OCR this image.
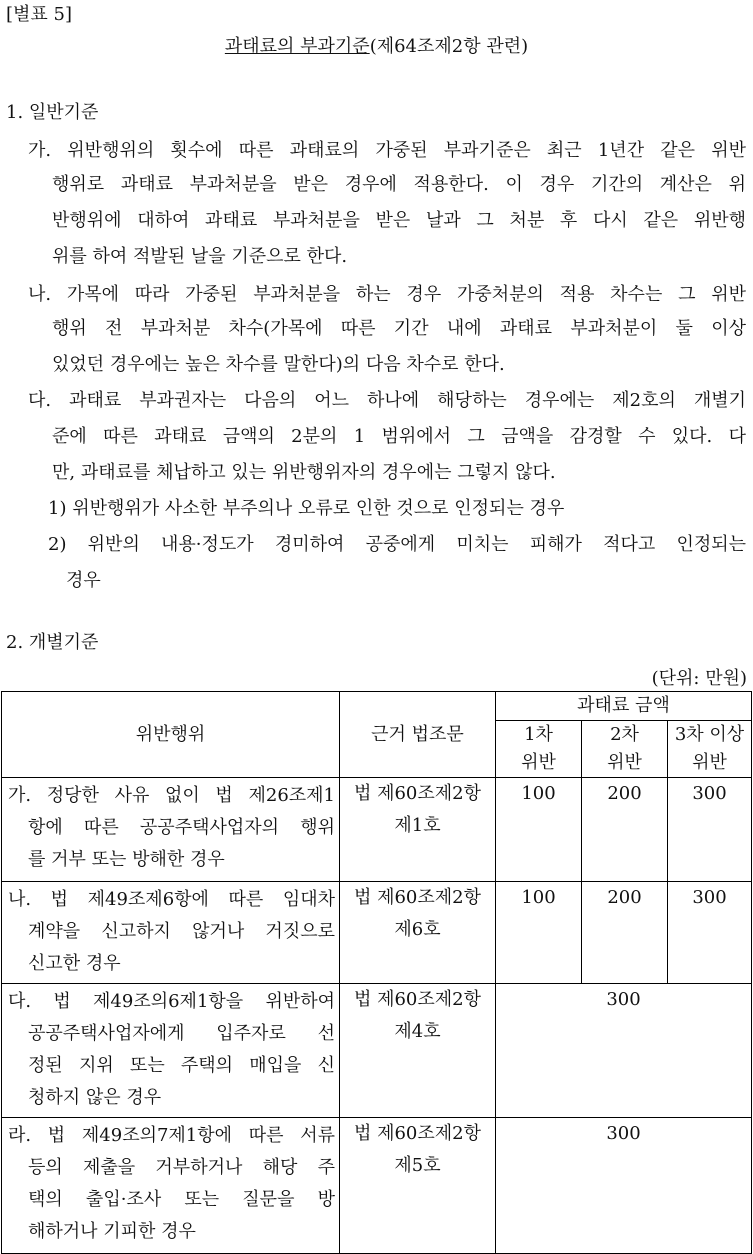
[별표 5]
과태료의 부과기준(제64조제2항 관련)
1. 일반기준
가. 위반행위의 횟수에 따른 과태료의 가중된 부과기준은 최근 1년간 같은 위반
행위로 과태료 부과처분을 받은 경우에 적용한다. 이 경우 기간의 계산은 위
반행위에 대하여 과태료 부과처분을 받은 날과 그 처분 후 다시 같은 위반행
위를 하여 적발된 날을 기준으로 한다.
나. 가목에 따라 가중된 부과처분을 하는 경우 가중처분의 적용 차수는 그 위반
행위 전 부과처분 차수(가목에 따른 기간 내에 과태료 부과처분이 둘 이상
있었던 경우에는 높은 차수를 말한다)의 다음 차수로 한다.
다. 과태료 부과권자는 다음의 어느 하나에 해당하는 경우에는 제2호의 개별기
준에 따른 과태료 금액의 2분의 1 범위에서 그 금액을 감경할 수 있다. 다
만, 과태료를 체납하고 있는 위반행위자의 경우에는 그렇지 않다.
1) 위반행위가 사소한 부주의나 오류로 인한 것으로 인정되는 경우
2) 위반의 내용·정도가 경미하여 공중에게 미치는 피해가 적다고 인정되는
경우
2. 개별기준
(단위: 만원)
위반행위	근거 법조문	과태료 금액		
		1차	2차	3차 이상
		위반	위반	위반

가. 정당한 사유 없이 법 제26조제1
항에 따른 공공주택사업자의 행위
를 거부 또는 방해한 경우	법 제60조제2항
제1호	100	200	300

나. 법 제49조제6항에 따른 임대차
계약을 신고하지 않거나 거짓으로
신고한 경우	법 제60조제2항
제6호	100	200	300

다. 법 제49조의6제1항을 위반하여
공공주택사업자에게 입주자로 선
정된 지위 또는 주택의 매입을 신
청하지 않은 경우	법 제60조제2항
제4호	300		

라. 법 제49조의7제1항에 따른 서류
등의 제출을 거부하거나 해당 주
택의 출입·조사 또는 질문을 방
해하거나 기피한 경우	법 제60조제2항
제5호	300		
